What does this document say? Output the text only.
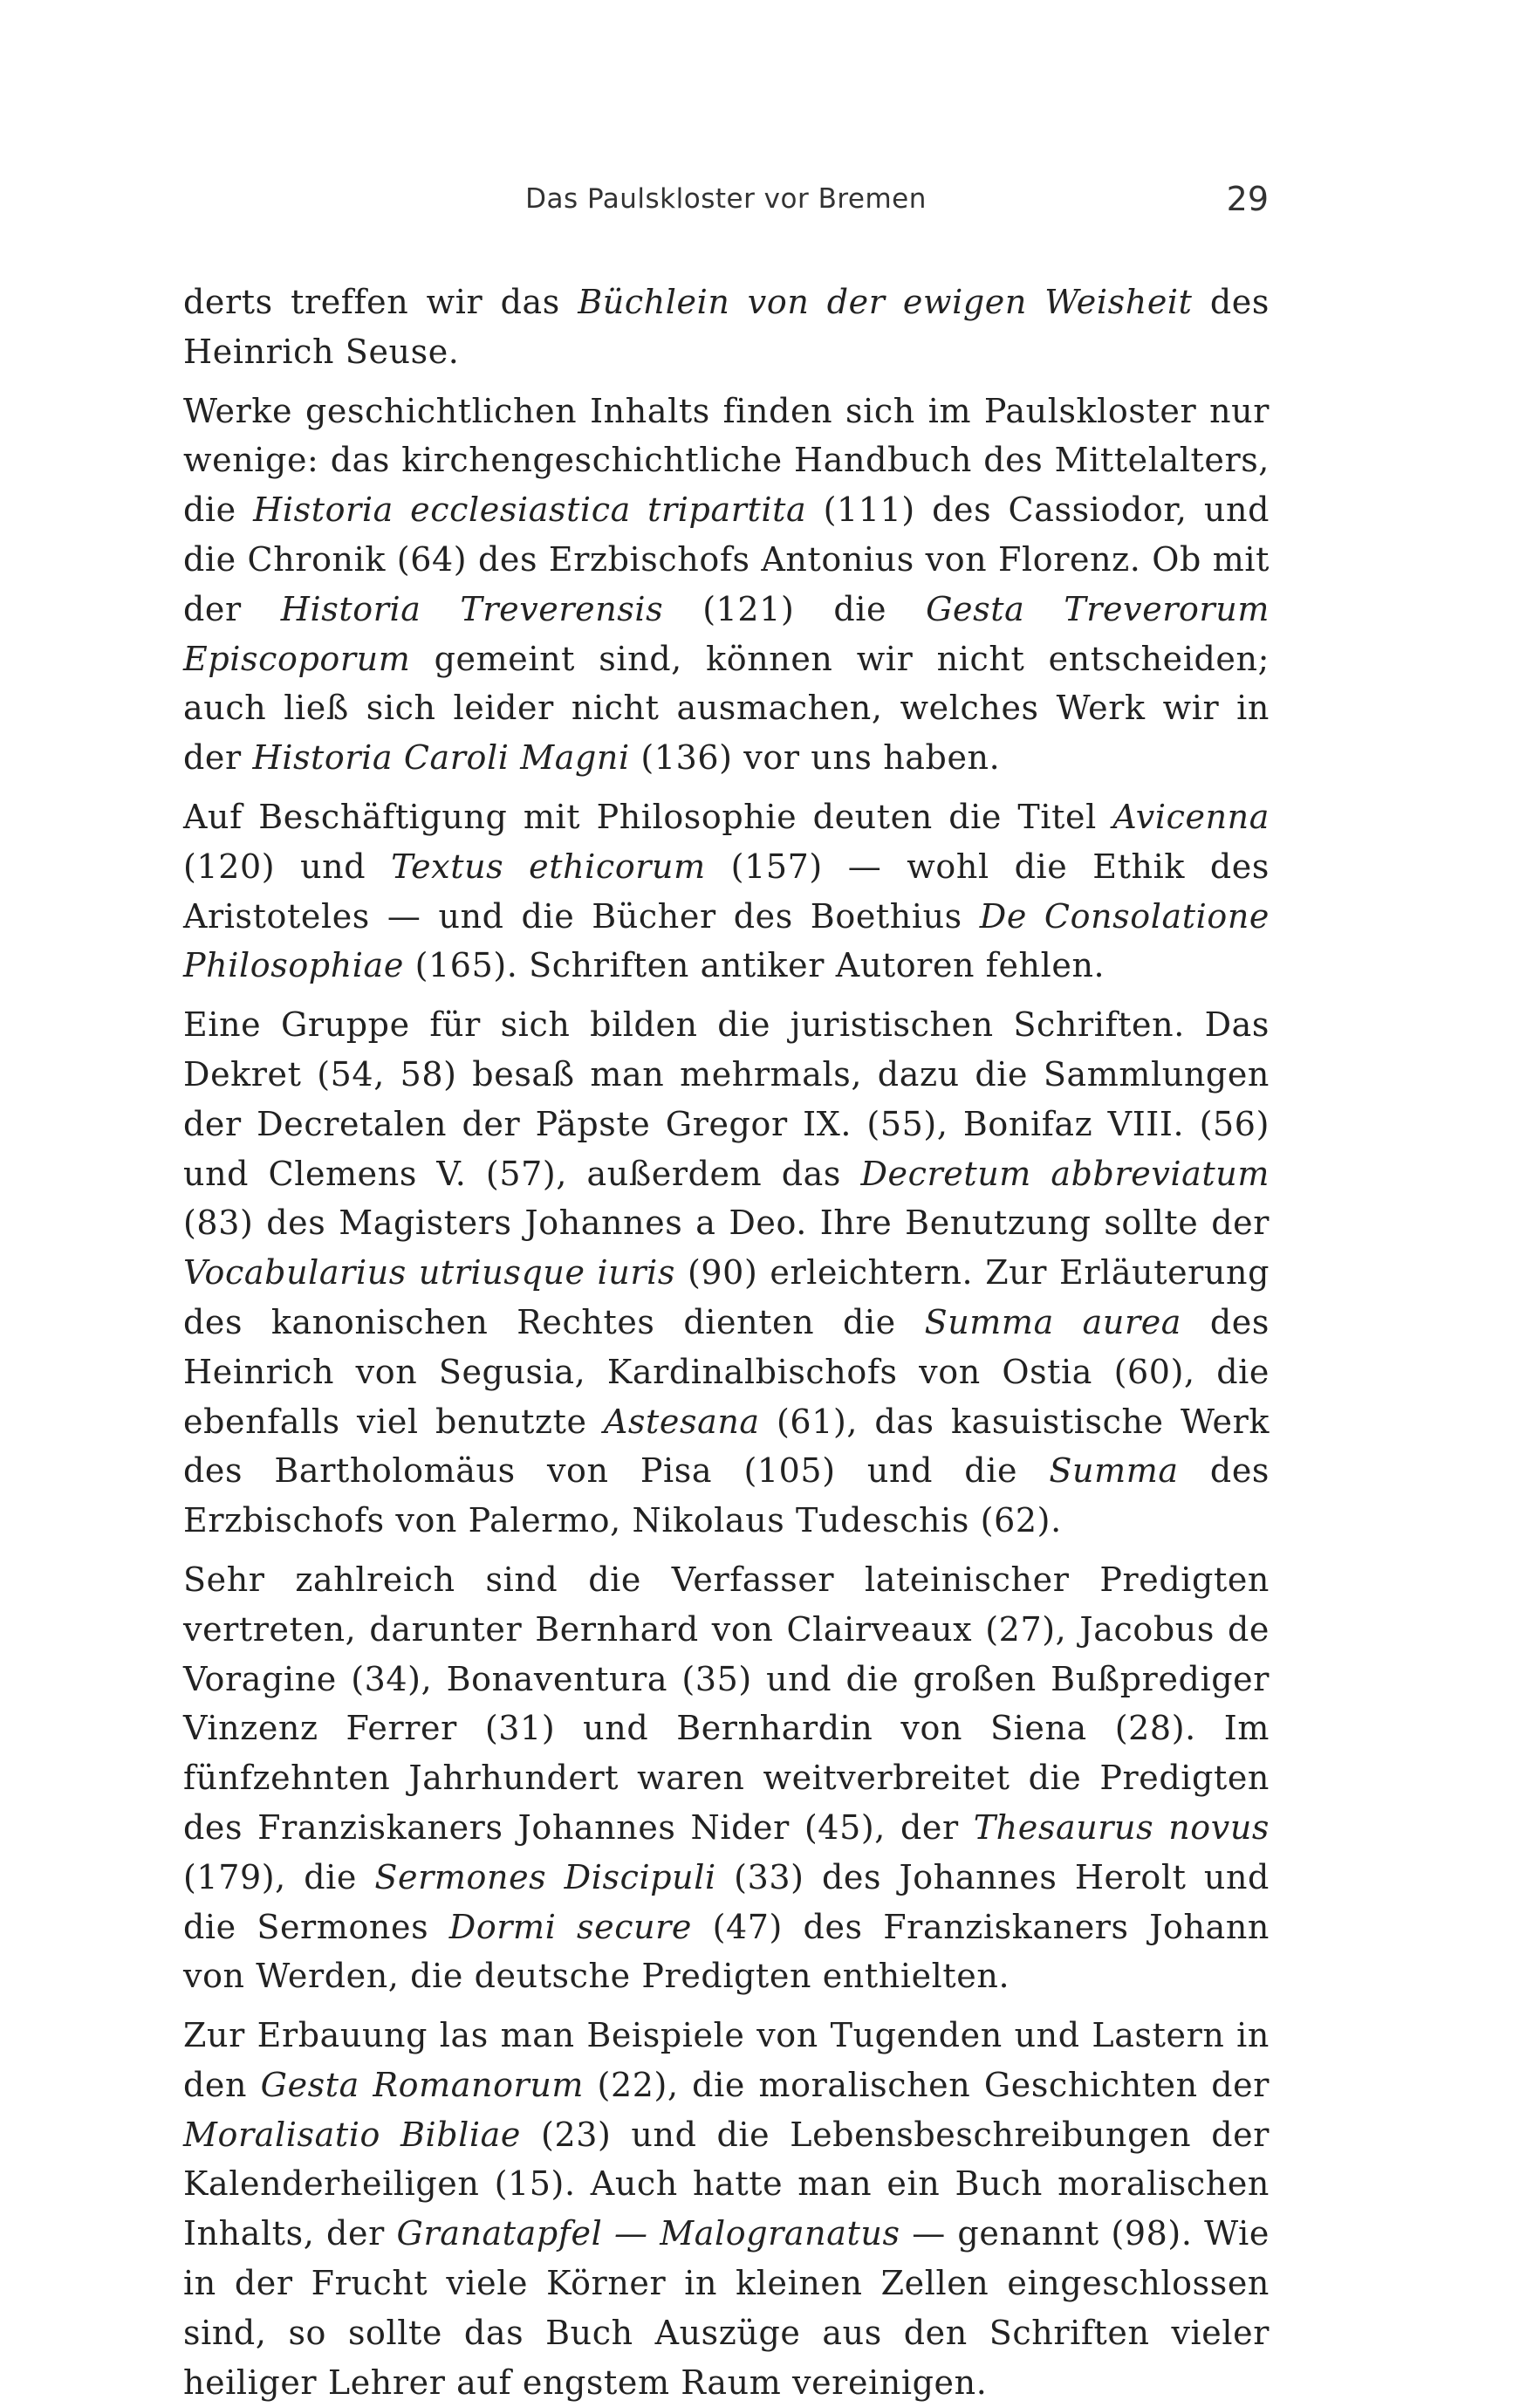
Das Paulskloster vor Bremen	29

derts treffen wir das Büchlein von der ewigen Weisheit des Heinrich Seuse.

Werke geschichtlichen Inhalts finden sich im Paulskloster nur wenige: das kirchengeschichtliche Handbuch des Mittelalters, die Historia ecclesiastica tripartita (111) des Cassiodor, und die Chronik (64) des Erzbischofs Antonius von Florenz. Ob mit der Historia Treverensis (121) die Gesta Treverorum Episcoporum gemeint sind, können wir nicht entscheiden; auch ließ sich leider nicht ausmachen, welches Werk wir in der Historia Caroli Magni (136) vor uns haben.

Auf Beschäftigung mit Philosophie deuten die Titel Avicenna (120) und Textus ethicorum (157) — wohl die Ethik des Aristoteles — und die Bücher des Boethius De Consolatione Philosophiae (165). Schriften antiker Autoren fehlen.

Eine Gruppe für sich bilden die juristischen Schriften. Das Dekret (54, 58) besaß man mehrmals, dazu die Sammlungen der Decretalen der Päpste Gregor IX. (55), Bonifaz VIII. (56) und Clemens V. (57), außerdem das Decretum abbreviatum (83) des Magisters Johannes a Deo. Ihre Benutzung sollte der Vocabularius utriusque iuris (90) erleichtern. Zur Erläuterung des kanonischen Rechtes dienten die Summa aurea des Heinrich von Segusia, Kardinalbischofs von Ostia (60), die ebenfalls viel benutzte Astesana (61), das kasuistische Werk des Bartholomäus von Pisa (105) und die Summa des Erzbischofs von Palermo, Nikolaus Tudeschis (62).

Sehr zahlreich sind die Verfasser lateinischer Predigten vertreten, darunter Bernhard von Clairveaux (27), Jacobus de Voragine (34), Bonaventura (35) und die großen Bußprediger Vinzenz Ferrer (31) und Bernhardin von Siena (28). Im fünfzehnten Jahrhundert waren weitverbreitet die Predigten des Franziskaners Johannes Nider (45), der Thesaurus novus (179), die Sermones Discipuli (33) des Johannes Herolt und die Sermones Dormi secure (47) des Franziskaners Johann von Werden, die deutsche Predigten enthielten.

Zur Erbauung las man Beispiele von Tugenden und Lastern in den Gesta Romanorum (22), die moralischen Geschichten der Moralisatio Bibliae (23) und die Lebensbeschreibungen der Kalenderheiligen (15). Auch hatte man ein Buch moralischen Inhalts, der Granatapfel — Malogranatus — genannt (98). Wie in der Frucht viele Körner in kleinen Zellen eingeschlossen sind, so sollte das Buch Auszüge aus den Schriften vieler heiliger Lehrer auf engstem Raum vereinigen.
